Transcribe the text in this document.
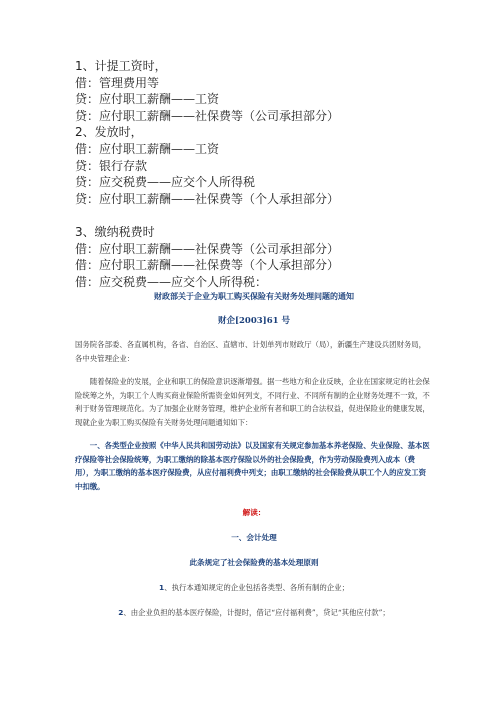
1、计提工资时，
借：管理费用等
贷：应付职工薪酬——工资
贷：应付职工薪酬——社保费等（公司承担部分）
2、发放时，
借：应付职工薪酬——工资
贷：银行存款
贷：应交税费——应交个人所得税
贷：应付职工薪酬——社保费等（个人承担部分）
3、缴纳税费时
借：应付职工薪酬——社保费等（公司承担部分）
借：应付职工薪酬——社保费等（个人承担部分）
借：应交税费——应交个人所得税：
财政部关于企业为职工购买保险有关财务处理问题的通知
财企[2003]61 号
国务院各部委、各直属机构，各省、自治区、直辖市、计划单列市财政厅（局），新疆生产建设兵团财务局，各中央管理企业：
随着保险业的发展，企业和职工的保险意识逐渐增强。据一些地方和企业反映，企业在国家规定的社会保险统筹之外，为职工个人购买商业保险所需资金如何列支，不同行业、不同所有制的企业财务处理不一致，不利于财务管理规范化。为了加强企业财务管理，维护企业所有者和职工的合法权益，促进保险业的健康发展，现就企业为职工购买保险有关财务处理问题通知如下：
一、各类型企业按照《中华人民共和国劳动法》以及国家有关规定参加基本养老保险、失业保险、基本医疗保险等社会保险统筹，为职工缴纳的除基本医疗保险以外的社会保险费，作为劳动保险费列入成本（费用），为职工缴纳的基本医疗保险费，从应付福利费中列支；由职工缴纳的社会保险费从职工个人的应发工资中扣缴。
解读：
一、会计处理
此条规定了社会保险费的基本处理原则
1、执行本通知规定的企业包括各类型、各所有制的企业；
2、由企业负担的基本医疗保险，计提时，借记“应付福利费”，贷记“其他应付款”；
